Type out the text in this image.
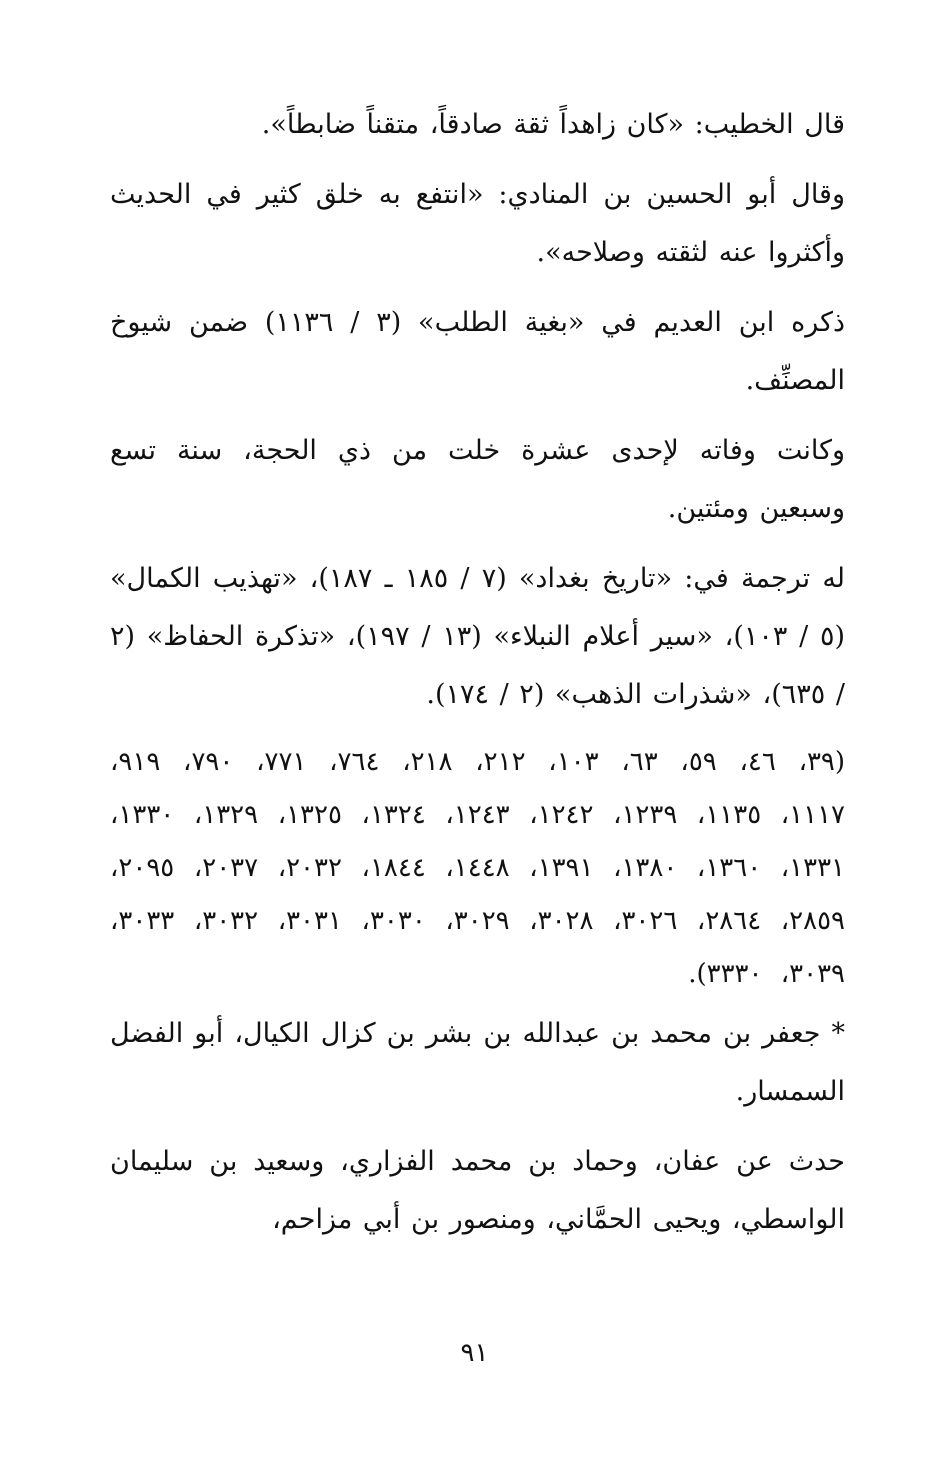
قال الخطيب: «كان زاهداً ثقة صادقاً، متقناً ضابطاً».

وقال أبو الحسين بن المنادي: «انتفع به خلق كثير في الحديث وأكثروا عنه لثقته وصلاحه».

ذكره ابن العديم في «بغية الطلب» (٣ / ١١٣٦) ضمن شيوخ المصنِّف.

وكانت وفاته لإحدى عشرة خلت من ذي الحجة، سنة تسع وسبعين ومئتين.

له ترجمة في: «تاريخ بغداد» (٧ / ١٨٥ ـ ١٨٧)، «تهذيب الكمال» (٥ / ١٠٣)، «سير أعلام النبلاء» (١٣ / ١٩٧)، «تذكرة الحفاظ» (٢ / ٦٣٥)، «شذرات الذهب» (٢ / ١٧٤).

(٣٩، ٤٦، ٥٩، ٦٣، ١٠٣، ٢١٢، ٢١٨، ٧٦٤، ٧٧١، ٧٩٠، ٩١٩، ١١١٧، ١١٣٥، ١٢٣٩، ١٢٤٢، ١٢٤٣، ١٣٢٤، ١٣٢٥، ١٣٢٩، ١٣٣٠، ١٣٣١، ١٣٦٠، ١٣٨٠، ١٣٩١، ١٤٤٨، ١٨٤٤، ٢٠٣٢، ٢٠٣٧، ٢٠٩٥، ٢٨٥٩، ٢٨٦٤، ٣٠٢٦، ٣٠٢٨، ٣٠٢٩، ٣٠٣٠، ٣٠٣١، ٣٠٣٢، ٣٠٣٣، ٣٠٣٩، ٣٣٣٠).

* جعفر بن محمد بن عبدالله بن بشر بن كزال الكيال، أبو الفضل السمسار.

حدث عن عفان، وحماد بن محمد الفزاري، وسعيد بن سليمان الواسطي، ويحيى الحمَّاني، ومنصور بن أبي مزاحم،

٩١
